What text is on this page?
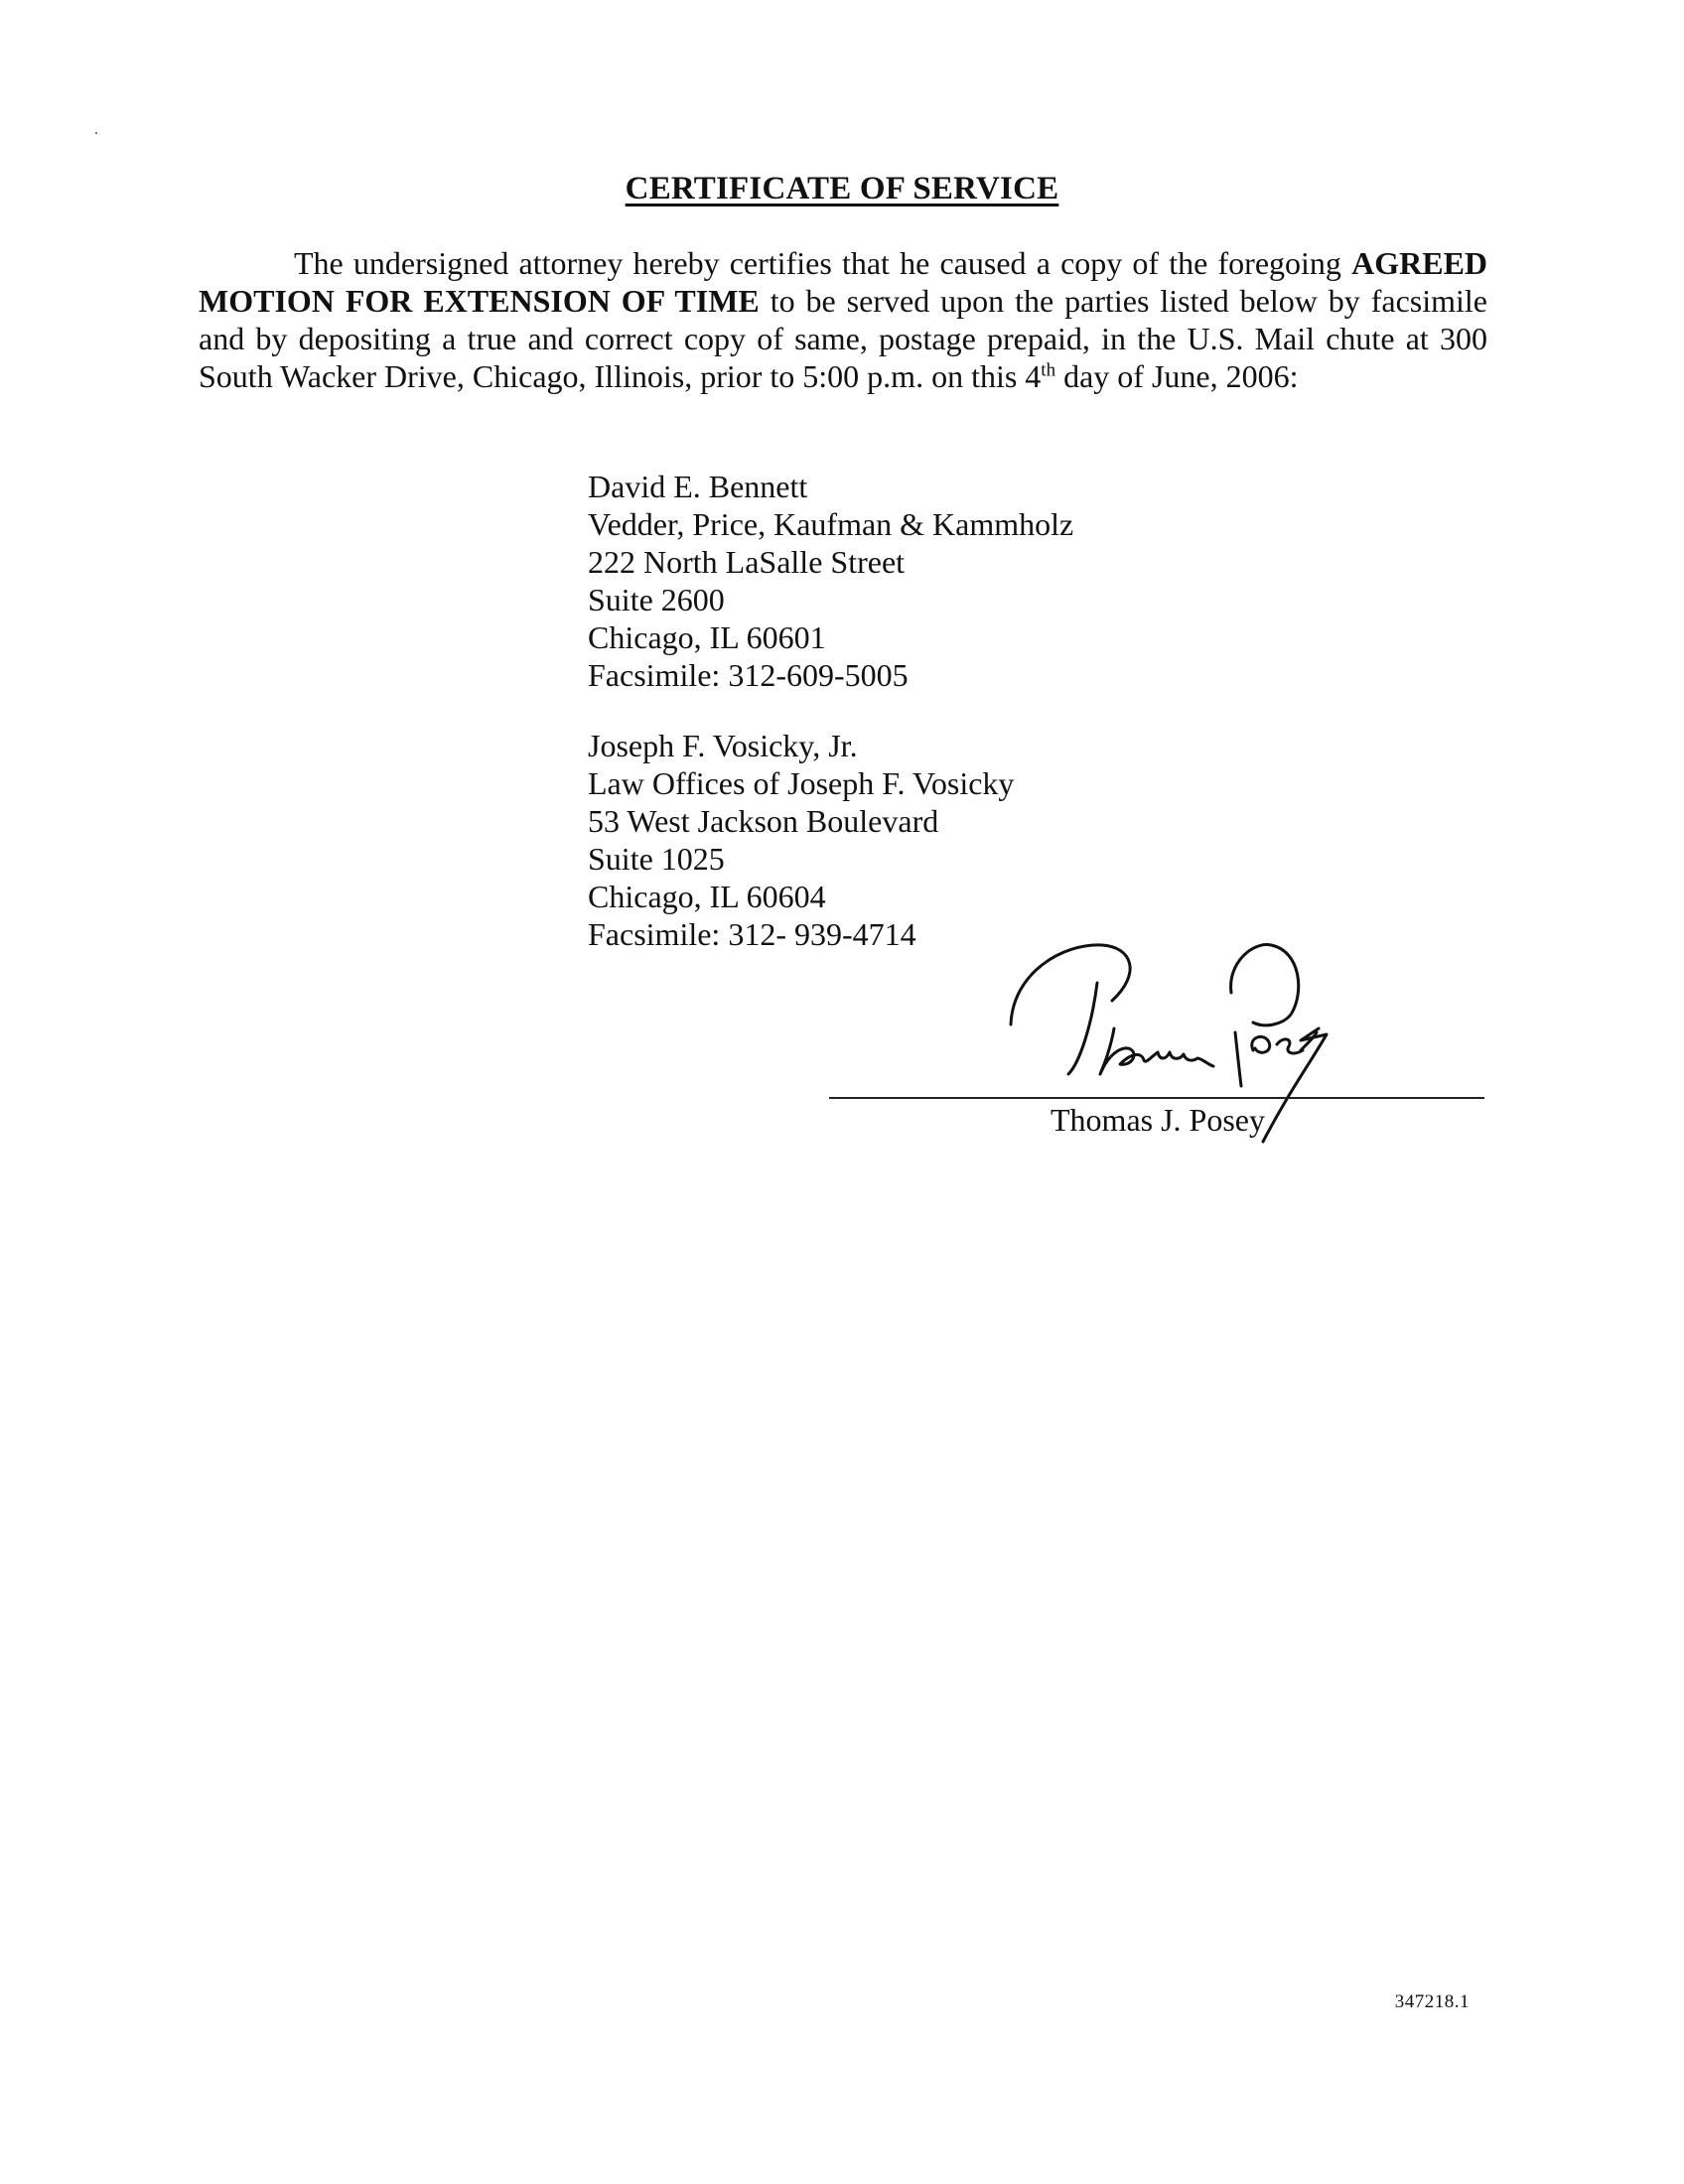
CERTIFICATE OF SERVICE
The undersigned attorney hereby certifies that he caused a copy of the foregoing AGREED MOTION FOR EXTENSION OF TIME to be served upon the parties listed below by facsimile and by depositing a true and correct copy of same, postage prepaid, in the U.S. Mail chute at 300 South Wacker Drive, Chicago, Illinois, prior to 5:00 p.m. on this 4th day of June, 2006:
David E. Bennett
Vedder, Price, Kaufman & Kammholz
222 North LaSalle Street
Suite 2600
Chicago, IL 60601
Facsimile: 312-609-5005
Joseph F. Vosicky, Jr.
Law Offices of Joseph F. Vosicky
53 West Jackson Boulevard
Suite 1025
Chicago, IL 60604
Facsimile: 312- 939-4714
Thomas J. Posey
347218.1
